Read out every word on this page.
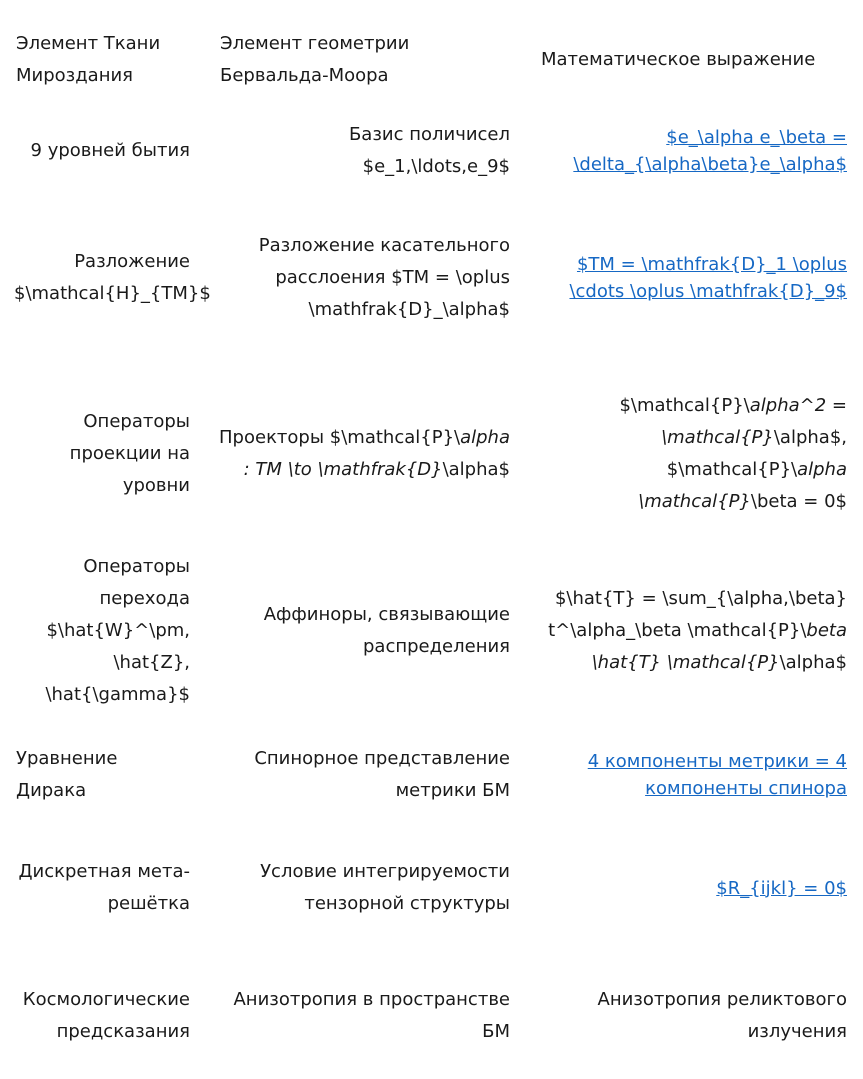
Элемент Ткани Мироздания
Элемент геометрии Бервальда-Моора
Математическое выражение
9 уровней бытия
Базис поличисел $e_1,\ldots,e_9$
$e_\alpha e_\beta = \delta_{\alpha\beta}e_\alpha$
Разложение $\mathcal{H}_{TM}$
Разложение касательного расслоения $TM = \oplus \mathfrak{D}_\alpha$
$TM = \mathfrak{D}_1 \oplus \cdots \oplus \mathfrak{D}_9$
Операторы проекции на уровни
Проекторы $\mathcal{P}\alpha : TM \to \mathfrak{D}\alpha$
$\mathcal{P}\alpha^2 = \mathcal{P}\alpha$, $\mathcal{P}\alpha \mathcal{P}\beta = 0$
Операторы перехода $\hat{W}^\pm, \hat{Z}, \hat{\gamma}$
Аффиноры, связывающие распределения
$\hat{T} = \sum_{\alpha,\beta} t^\alpha_\beta \mathcal{P}\beta \hat{T} \mathcal{P}\alpha$
Уравнение Дирака
Спинорное представление метрики БМ
4 компоненты метрики = 4 компоненты спинора
Дискретная мета-решётка
Условие интегрируемости тензорной структуры
$R_{ijkl} = 0$
Космологические предсказания
Анизотропия в пространстве БМ
Анизотропия реликтового излучения
